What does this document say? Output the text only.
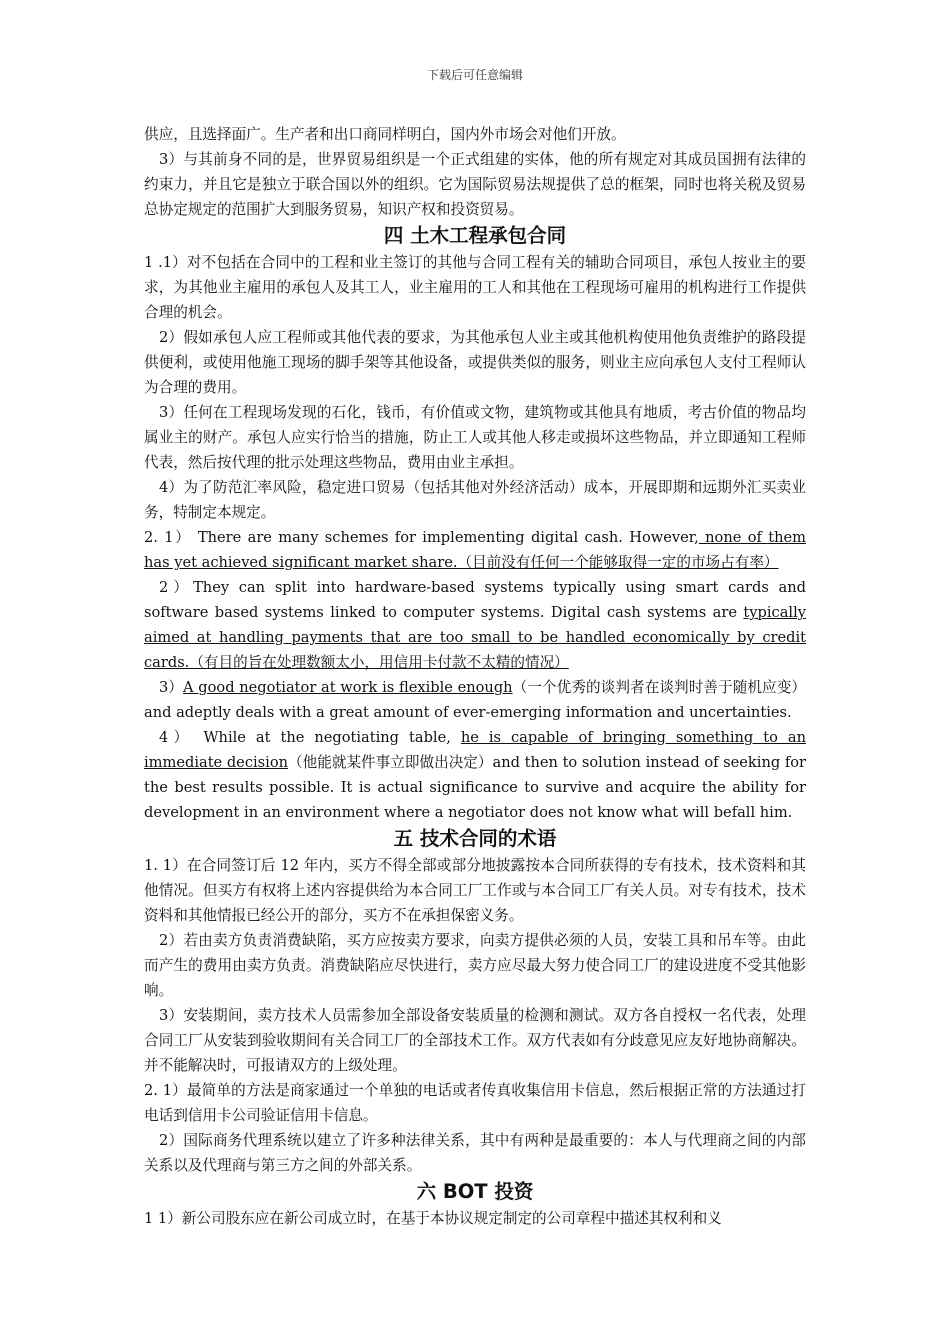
下载后可任意编辑

供应，且选择面广。生产者和出口商同样明白，国内外市场会对他们开放。

3）与其前身不同的是，世界贸易组织是一个正式组建的实体，他的所有规定对其成员国拥有法律的约束力，并且它是独立于联合国以外的组织。它为国际贸易法规提供了总的框架，同时也将关税及贸易总协定规定的范围扩大到服务贸易，知识产权和投资贸易。

四 土木工程承包合同

1 .1）对不包括在合同中的工程和业主签订的其他与合同工程有关的辅助合同项目，承包人按业主的要求，为其他业主雇用的承包人及其工人，业主雇用的工人和其他在工程现场可雇用的机构进行工作提供合理的机会。

2）假如承包人应工程师或其他代表的要求，为其他承包人业主或其他机构使用他负责维护的路段提供便利，或使用他施工现场的脚手架等其他设备，或提供类似的服务，则业主应向承包人支付工程师认为合理的费用。

3）任何在工程现场发现的石化，钱币，有价值或文物，建筑物或其他具有地质，考古价值的物品均属业主的财产。承包人应实行恰当的措施，防止工人或其他人移走或损坏这些物品，并立即通知工程师代表，然后按代理的批示处理这些物品，费用由业主承担。

4）为了防范汇率风险，稳定进口贸易（包括其他对外经济活动）成本，开展即期和远期外汇买卖业务，特制定本规定。

2. 1） There are many schemes for implementing digital cash. However, none of them has yet achieved significant market share.（目前没有任何一个能够取得一定的市场占有率）

2）They can split into hardware-based systems typically using smart cards and software based systems linked to computer systems. Digital cash systems are typically aimed at handling payments that are too small to be handled economically by credit cards.（有目的旨在处理数额太小，用信用卡付款不太精的情况）

3）A good negotiator at work is flexible enough（一个优秀的谈判者在谈判时善于随机应变）and adeptly deals with a great amount of ever-emerging information and uncertainties.

4） While at the negotiating table, he is capable of bringing something to an immediate decision（他能就某件事立即做出决定）and then to solution instead of seeking for the best results possible. It is actual significance to survive and acquire the ability for development in an environment where a negotiator does not know what will befall him.

五 技术合同的术语

1. 1）在合同签订后 12 年内，买方不得全部或部分地披露按本合同所获得的专有技术，技术资料和其他情况。但买方有权将上述内容提供给为本合同工厂工作或与本合同工厂有关人员。对专有技术，技术资料和其他情报已经公开的部分，买方不在承担保密义务。

2）若由卖方负责消费缺陷，买方应按卖方要求，向卖方提供必须的人员，安装工具和吊车等。由此而产生的费用由卖方负责。消费缺陷应尽快进行，卖方应尽最大努力使合同工厂的建设进度不受其他影响。

3）安装期间，卖方技术人员需参加全部设备安装质量的检测和测试。双方各自授权一名代表，处理合同工厂从安装到验收期间有关合同工厂的全部技术工作。双方代表如有分歧意见应友好地协商解决。并不能解决时，可报请双方的上级处理。

2. 1）最简单的方法是商家通过一个单独的电话或者传真收集信用卡信息，然后根据正常的方法通过打电话到信用卡公司验证信用卡信息。

2）国际商务代理系统以建立了许多种法律关系，其中有两种是最重要的：本人与代理商之间的内部关系以及代理商与第三方之间的外部关系。

六 BOT 投资

1 1）新公司股东应在新公司成立时，在基于本协议规定制定的公司章程中描述其权利和义
